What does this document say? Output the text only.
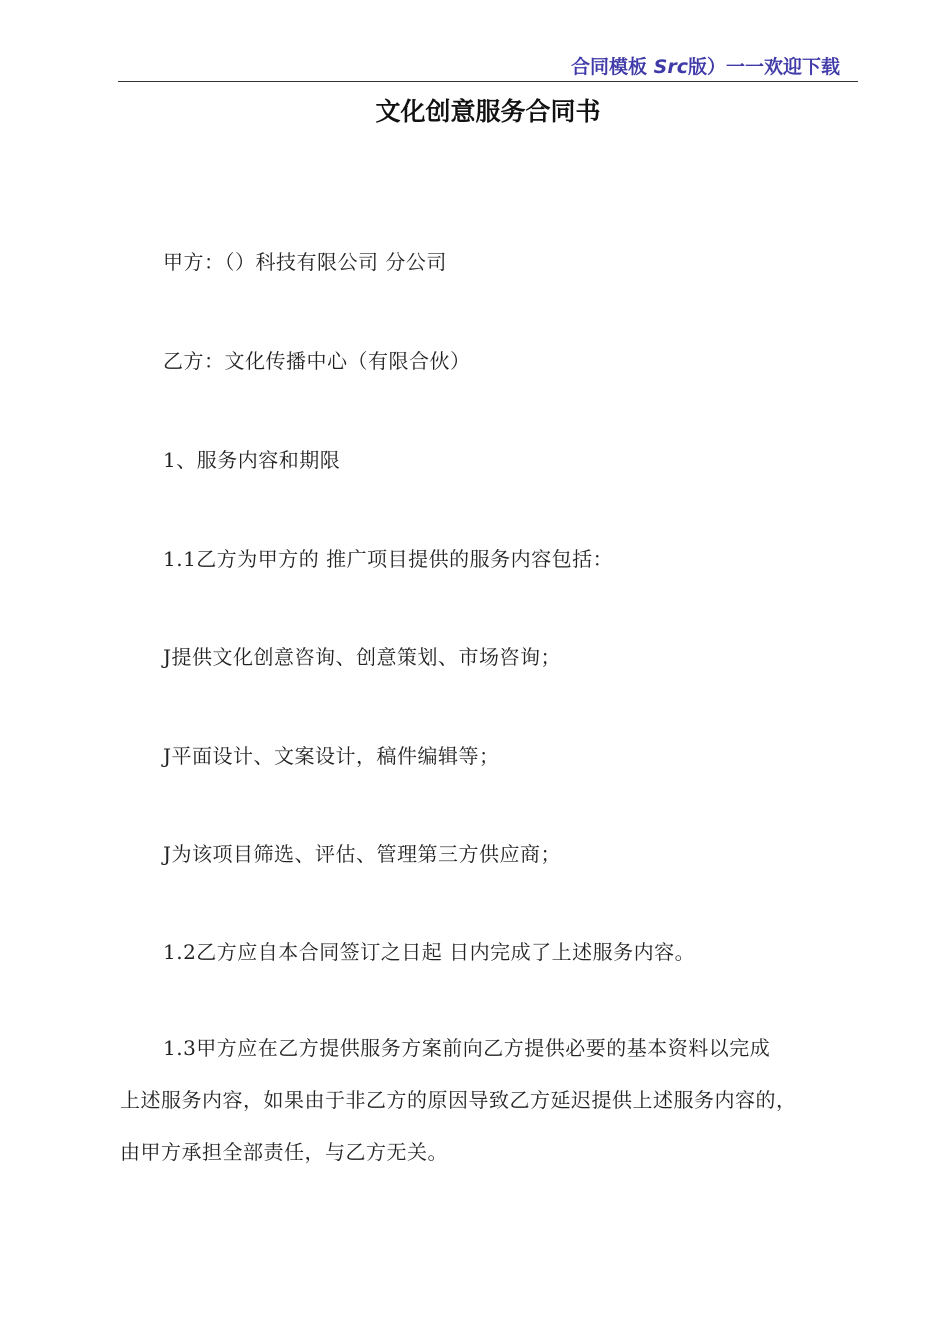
合同模板 Src版）一一欢迎下载
文化创意服务合同书
甲方：（）科技有限公司 分公司
乙方：文化传播中心（有限合伙）
1、服务内容和期限
1.1乙方为甲方的 推广项目提供的服务内容包括：
J提供文化创意咨询、创意策划、市场咨询；
J平面设计、文案设计，稿件编辑等；
J为该项目筛选、评估、管理第三方供应商；
1.2乙方应自本合同签订之日起 日内完成了上述服务内容。
1.3甲方应在乙方提供服务方案前向乙方提供必要的基本资料以完成
上述服务内容，如果由于非乙方的原因导致乙方延迟提供上述服务内容的，
由甲方承担全部责任，与乙方无关。
